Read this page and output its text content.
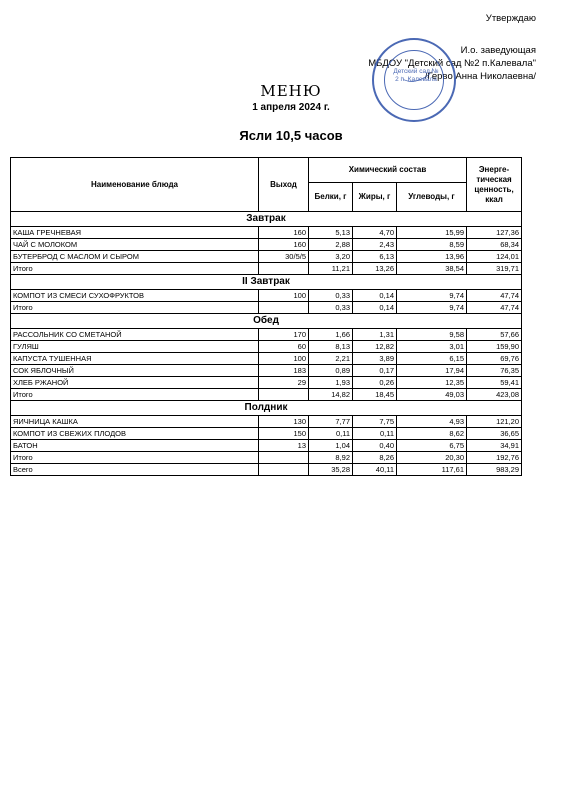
Утверждаю
И.о. заведующая
МБДОУ "Детский сад №2 п.Калевала"
/Гервo Анна Николаевна/
Детский сад № 2 п. Калевала
МЕНЮ
1 апреля 2024 г.
Ясли 10,5 часов
Наименование блюда	Выход	Химический состав			Энерге-тическая ценность, ккал
		Белки, г	Жиры, г	Углеводы, г	
Завтрак					
КАША ГРЕЧНЕВАЯ	160	5,13	4,70	15,99	127,36
ЧАЙ С МОЛОКОМ	160	2,88	2,43	8,59	68,34
БУТЕРБРОД С МАСЛОМ И СЫРОМ	30/5/5	3,20	6,13	13,96	124,01
Итого		11,21	13,26	38,54	319,71
II Завтрак					
КОМПОТ ИЗ СМЕСИ СУХОФРУКТОВ	100	0,33	0,14	9,74	47,74
Итого		0,33	0,14	9,74	47,74
Обед					
РАССОЛЬНИК СО СМЕТАНОЙ	170	1,66	1,31	9,58	57,66
ГУЛЯШ	60	8,13	12,82	3,01	159,90
КАПУСТА ТУШЕННАЯ	100	2,21	3,89	6,15	69,76
СОК ЯБЛОЧНЫЙ	183	0,89	0,17	17,94	76,35
ХЛЕБ РЖАНОЙ	29	1,93	0,26	12,35	59,41
Итого		14,82	18,45	49,03	423,08
Полдник					
ЯИЧНИЦА КАШКА	130	7,77	7,75	4,93	121,20
КОМПОТ ИЗ СВЕЖИХ ПЛОДОВ	150	0,11	0,11	8,62	36,65
БАТОН	13	1,04	0,40	6,75	34,91
Итого		8,92	8,26	20,30	192,76
Всего		35,28	40,11	117,61	983,29
